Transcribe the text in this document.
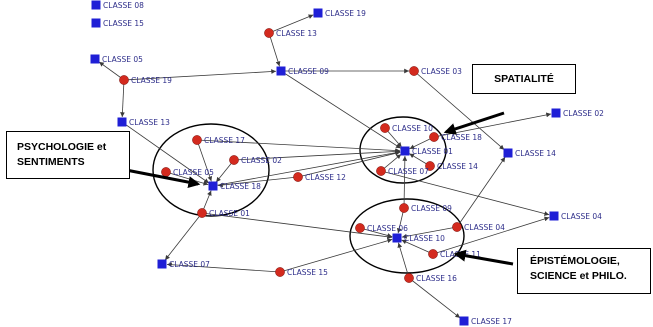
CLASSE 08
CLASSE 15
CLASSE 05
CLASSE 19
CLASSE 13
CLASSE 19
CLASSE 13
CLASSE 09	CLASSE 03
CLASSE 02
CLASSE 17
CLASSE 02
CLASSE 05
CLASSE 18
CLASSE 12
CLASSE 01
CLASSE 10
CLASSE 18
CLASSE 01
CLASSE 14
CLASSE 07
CLASSE 14
CLASSE 09
CLASSE 06
CLASSE 10
CLASSE 04
CLASSE 04
CLASSE 11
CLASSE 16
CLASSE 07
CLASSE 15
CLASSE 17
SPATIALITÉ
PSYCHOLOGIE et
SENTIMENTS
ÉPISTÉMOLOGIE,
SCIENCE et PHILO.
